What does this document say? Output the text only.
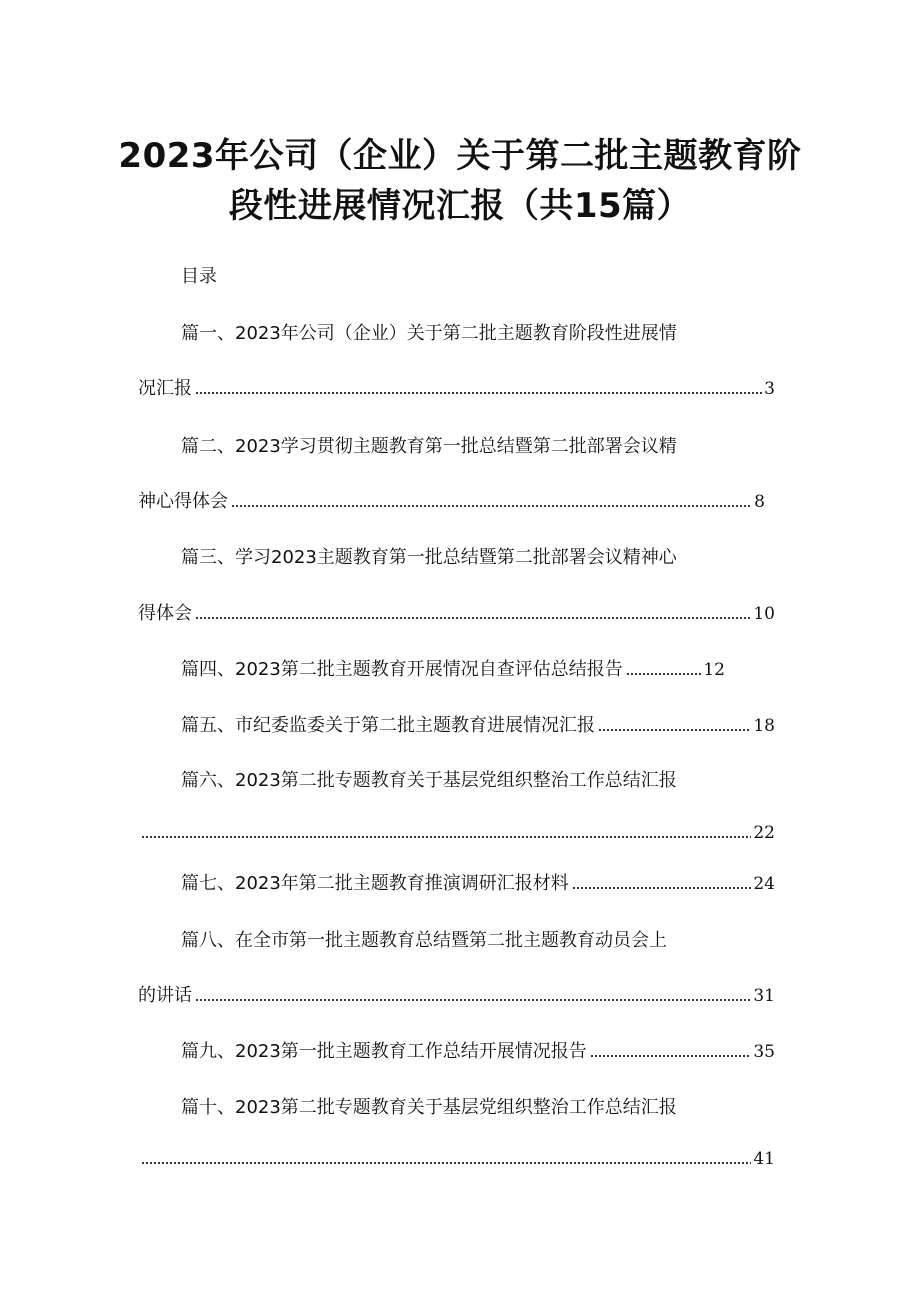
2023年公司（企业）关于第二批主题教育阶
段性进展情况汇报（共15篇）
目录
篇一、2023年公司（企业）关于第二批主题教育阶段性进展情
况汇报	3
篇二、2023学习贯彻主题教育第一批总结暨第二批部署会议精
神心得体会	8
篇三、学习2023主题教育第一批总结暨第二批部署会议精神心
得体会	10
篇四、2023第二批主题教育开展情况自查评估总结报告	12
篇五、市纪委监委关于第二批主题教育进展情况汇报	18
篇六、2023第二批专题教育关于基层党组织整治工作总结汇报
22
篇七、2023年第二批主题教育推演调研汇报材料	24
篇八、在全市第一批主题教育总结暨第二批主题教育动员会上
的讲话	31
篇九、2023第一批主题教育工作总结开展情况报告	35
篇十、2023第二批专题教育关于基层党组织整治工作总结汇报
41
